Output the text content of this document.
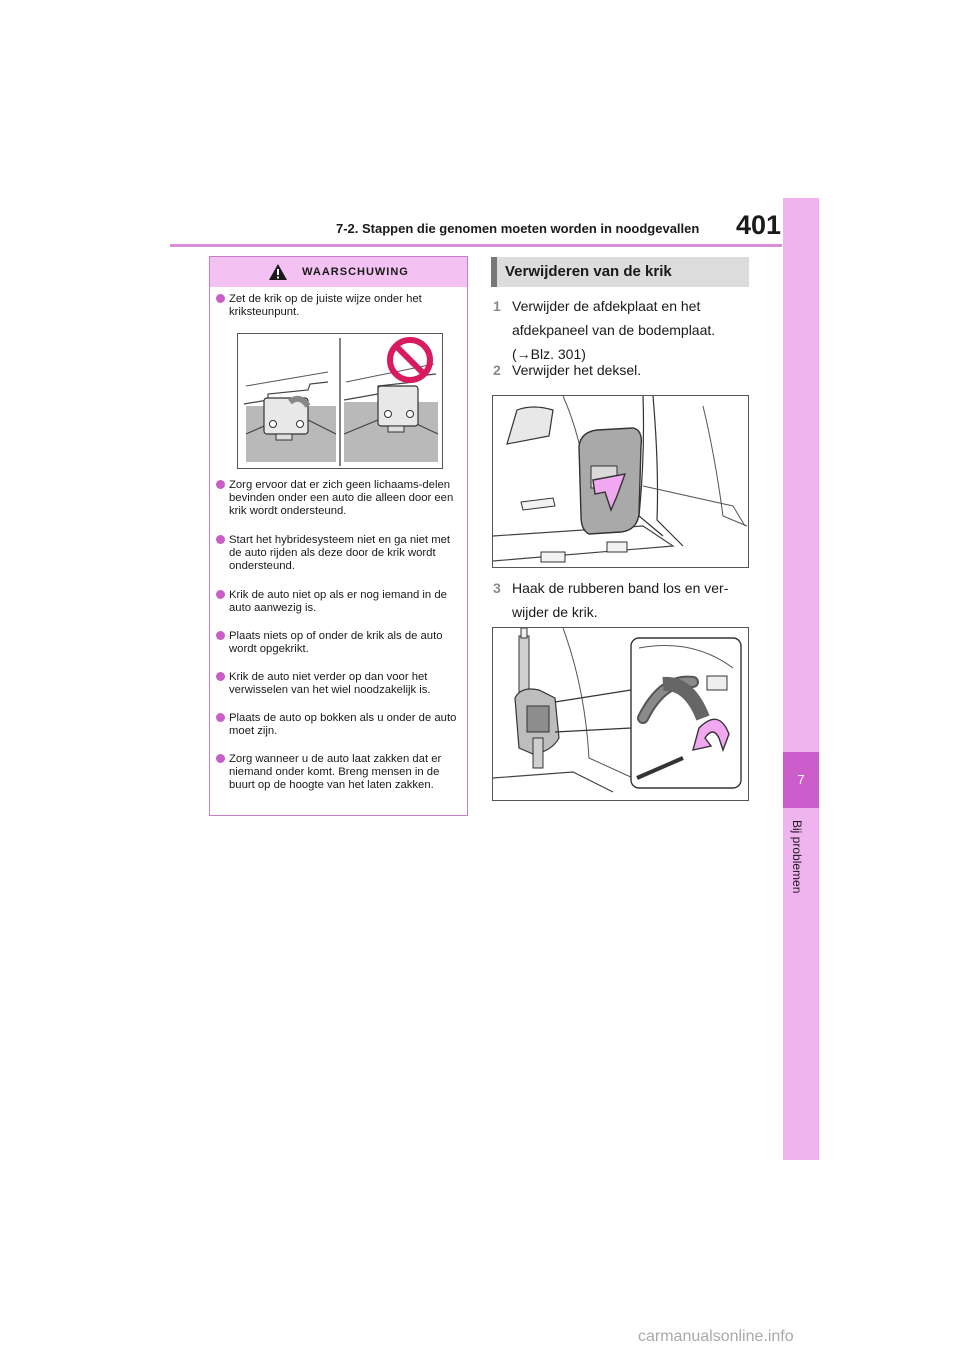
7-2. Stappen die genomen moeten worden in noodgevallen 401
7
Bij problemen
WAARSCHUWING
Zet de krik op de juiste wijze onder het kriksteunpunt.
Zorg ervoor dat er zich geen lichaams-delen bevinden onder een auto die alleen door een krik wordt ondersteund.
Start het hybridesysteem niet en ga niet met de auto rijden als deze door de krik wordt ondersteund.
Krik de auto niet op als er nog iemand in de auto aanwezig is.
Plaats niets op of onder de krik als de auto wordt opgekrikt.
Krik de auto niet verder op dan voor het verwisselen van het wiel noodzakelijk is.
Plaats de auto op bokken als u onder de auto moet zijn.
Zorg wanneer u de auto laat zakken dat er niemand onder komt. Breng mensen in de buurt op de hoogte van het laten zakken.
Verwijderen van de krik
1 Verwijder de afdekplaat en het afdekpaneel van de bodemplaat. (→Blz. 301)
2 Verwijder het deksel.
3 Haak de rubberen band los en ver-wijder de krik.
carmanualsonline.info
